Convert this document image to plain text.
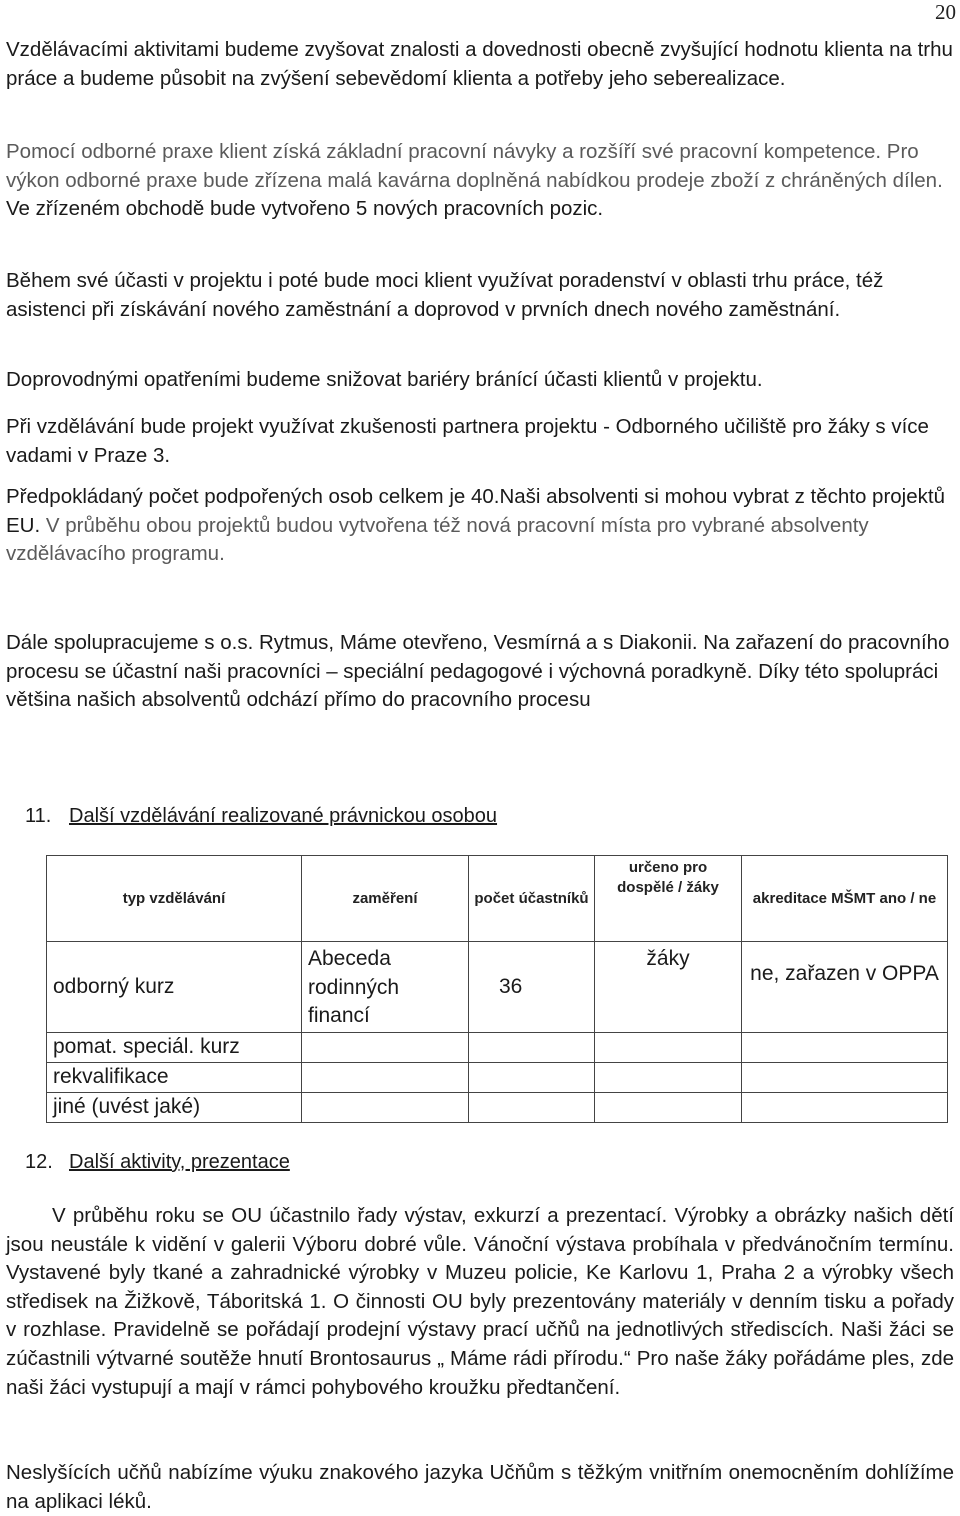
20

Vzdělávacími aktivitami budeme zvyšovat znalosti a dovednosti obecně zvyšující hodnotu klienta na trhu práce a budeme působit na zvýšení sebevědomí klienta a potřeby jeho seberealizace.

Pomocí odborné praxe klient získá základní pracovní návyky a rozšíří své pracovní kompetence. Pro výkon odborné praxe bude zřízena malá kavárna doplněná nabídkou prodeje zboží z chráněných dílen. Ve zřízeném obchodě bude vytvořeno 5 nových pracovních pozic.

Během své účasti v projektu i poté bude moci klient využívat poradenství v oblasti trhu práce, též asistenci při získávání nového zaměstnání a doprovod v prvních dnech nového zaměstnání.

Doprovodnými opatřeními budeme snižovat bariéry bránící účasti klientů v projektu.

Při vzdělávání bude projekt využívat zkušenosti partnera projektu - Odborného učiliště pro žáky s více vadami v Praze 3.

Předpokládaný počet podpořených osob celkem je 40.Naši absolventi si mohou vybrat z těchto projektů EU. V průběhu obou projektů budou vytvořena též nová pracovní místa pro vybrané absolventy vzdělávacího programu.

Dále spolupracujeme s o.s. Rytmus, Máme otevřeno, Vesmírná a s Diakonii. Na zařazení do pracovního procesu se účastní naši pracovníci – speciální pedagogové i výchovná poradkyně. Díky této spolupráci většina našich absolventů odchází přímo do pracovního procesu

11. Další vzdělávání realizované právnickou osobou
typ vzdělávání	zaměření	počet účastníků	určeno pro dospělé / žáky	akreditace MŠMT ano / ne
odborný kurz	Abeceda rodinných financí	36	žáky	ne, zařazen v OPPA
pomat. speciál. kurz				
rekvalifikace				
jiné (uvést jaké)				
12. Další aktivity, prezentace

V průběhu roku se OU účastnilo řady výstav, exkurzí a prezentací. Výrobky a obrázky našich dětí jsou neustále k vidění v galerii Výboru dobré vůle. Vánoční výstava probíhala v předvánočním termínu. Vystavené byly tkané a zahradnické výrobky v Muzeu policie, Ke Karlovu 1, Praha 2 a výrobky všech středisek na Žižkově, Táboritská 1. O činnosti OU byly prezentovány materiály v denním tisku a pořady v rozhlase. Pravidelně se pořádají prodejní výstavy prací učňů na jednotlivých střediscích. Naši žáci se zúčastnili výtvarné soutěže hnutí Brontosaurus „ Máme rádi přírodu.“ Pro naše žáky pořádáme ples, zde naši žáci vystupují a mají v rámci pohybového kroužku předtančení.

Neslyšících učňů nabízíme výuku znakového jazyka Učňům s těžkým vnitřním onemocněním dohlížíme na aplikaci léků.
